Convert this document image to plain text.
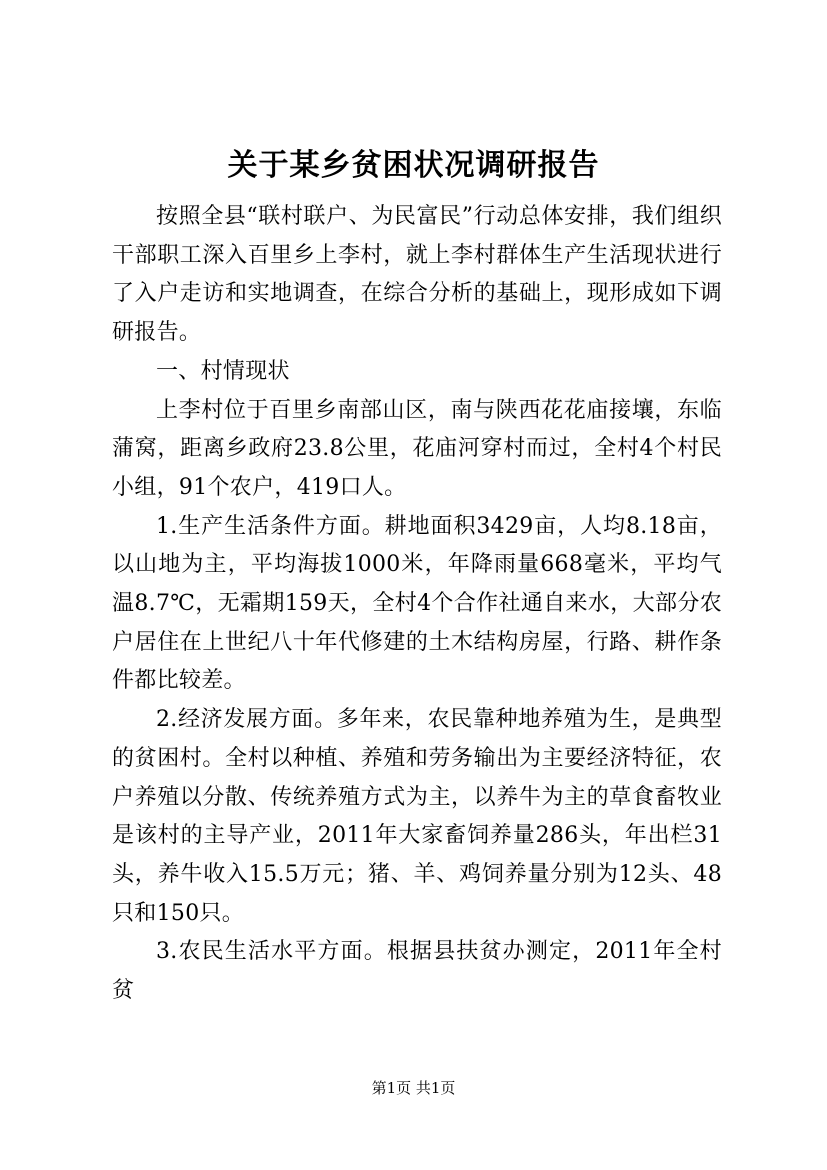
关于某乡贫困状况调研报告

按照全县“联村联户、为民富民”行动总体安排，我们组织干部职工深入百里乡上李村，就上李村群体生产生活现状进行了入户走访和实地调查，在综合分析的基础上，现形成如下调研报告。

一、村情现状

上李村位于百里乡南部山区，南与陕西花花庙接壤，东临蒲窝，距离乡政府23.8公里，花庙河穿村而过，全村4个村民小组，91个农户，419口人。

1.生产生活条件方面。耕地面积3429亩，人均8.18亩，以山地为主，平均海拔1000米，年降雨量668毫米，平均气温8.7℃，无霜期159天，全村4个合作社通自来水，大部分农户居住在上世纪八十年代修建的土木结构房屋，行路、耕作条件都比较差。

2.经济发展方面。多年来，农民靠种地养殖为生，是典型的贫困村。全村以种植、养殖和劳务输出为主要经济特征，农户养殖以分散、传统养殖方式为主，以养牛为主的草食畜牧业是该村的主导产业，2011年大家畜饲养量286头，年出栏31头，养牛收入15.5万元；猪、羊、鸡饲养量分别为12头、48只和150只。

3.农民生活水平方面。根据县扶贫办测定，2011年全村贫

第1页 共1页
